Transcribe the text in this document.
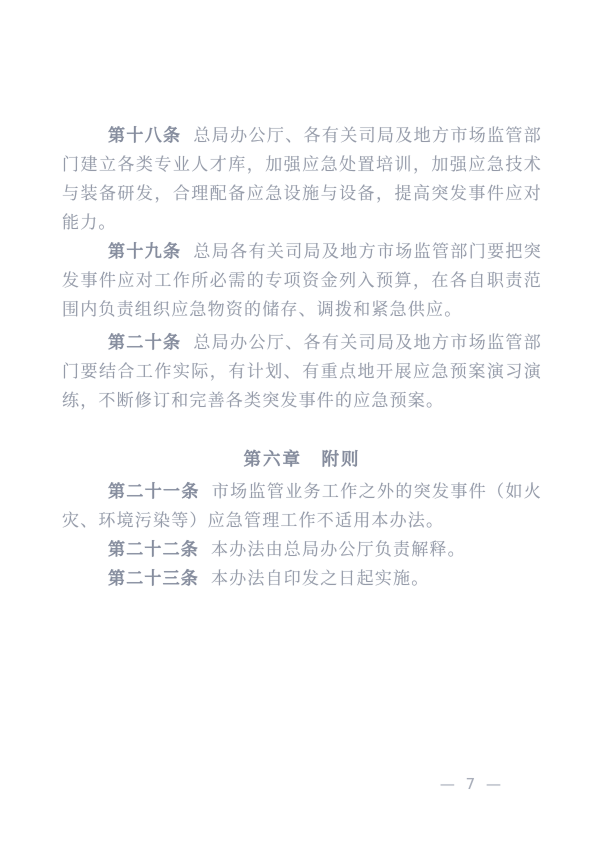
第十八条 总局办公厅、各有关司局及地方市场监管部门建立各类专业人才库，加强应急处置培训，加强应急技术与装备研发，合理配备应急设施与设备，提高突发事件应对能力。

第十九条 总局各有关司局及地方市场监管部门要把突发事件应对工作所必需的专项资金列入预算，在各自职责范围内负责组织应急物资的储存、调拨和紧急供应。

第二十条 总局办公厅、各有关司局及地方市场监管部门要结合工作实际，有计划、有重点地开展应急预案演习演练，不断修订和完善各类突发事件的应急预案。

第六章　附则

第二十一条 市场监管业务工作之外的突发事件（如火灾、环境污染等）应急管理工作不适用本办法。

第二十二条 本办法由总局办公厅负责解释。

第二十三条 本办法自印发之日起实施。

— 7 —
